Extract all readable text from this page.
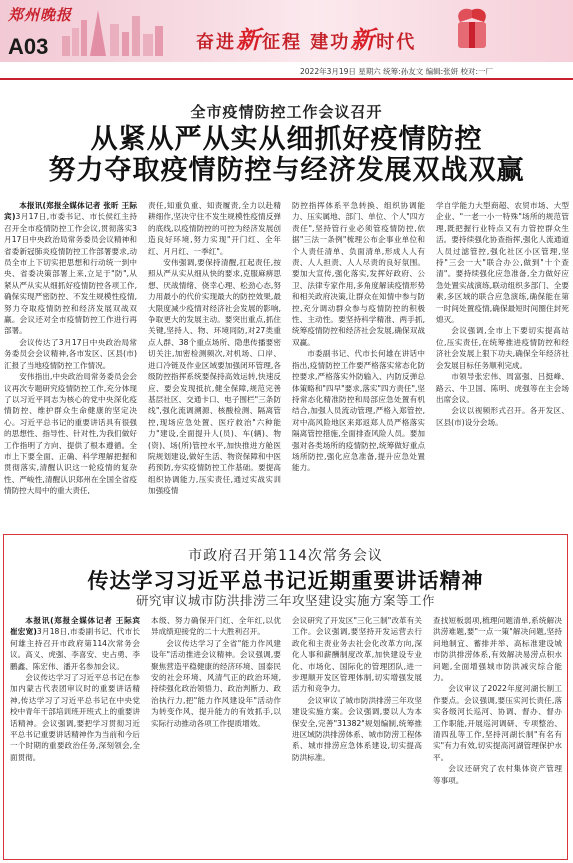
郑州晚报
A03	奋进新征程 建功新时代
2022年3月19日 星期六 统筹:孙友文 编辑:张妍 校对:一厂
全市疫情防控工作会议召开
从紧从严从实从细抓好疫情防控
努力夺取疫情防控与经济发展双战双赢

本报讯(郑报全媒体记者 张昕 王际宾)3月17日,市委书记、市长侯红主持召开全市疫情防控工作会议,贯彻落实3月17日中央政治局常务委员会议精神和省委新冠肺炎疫情防控工作部署要求,动员全市上下切实把思想和行动统一到中央、省委决策部署上来,立足于"防",从紧从严从实从细抓好疫情防控各项工作,确保实现严密防控、不发生规模性疫情,努力夺取疫情防控和经济发展双战双赢。会议还对全市疫情防控工作进行再部署。

会议传达了3月17日中央政治局常务委员会会议精神,各市发区、区县(市)汇报了当地疫情防控工作情况。

安伟指出,中央政治局常务委员会会议再次专题研究疫情防控工作,充分体现了以习近平同志为核心的党中央深化疫情防控、维护群众生命健康的坚定决心。习近平总书记的重要讲话具有很强的思想性、指导性、针对性,为我们做好工作指明了方向、提供了根本遵循。全市上下要全面、正确、科学理解把握和贯彻落实,清醒认识这一轮疫情的复杂性、严峻性,清醒认识郑州在全国全省疫情防控大局中的重大责任,

责任,知重负重、知责履责,全力以赴精耕细作,坚决守住不发生规模性疫情反弹的底线,以疫情防控的可控为经济发展创造良好环境,努力实现"开门红、全年红、月月红、一季红"。

安伟强调,要保持清醒,扛起责任,按照从严从实从细从快的要求,克服麻痹思想、厌战情绪、侥幸心理、松劲心态,努力用最小的代价实现最大的防控效果,最大限度减少疫情对经济社会发展的影响,争取更大的发展主动。要突出重点,抓住关键,坚持人、物、环境同防,对27类重点人群、38个重点场所、隐患传播要密切关注,加密检测频次,对机场、口岸、进口冷链及作业区域要加强闭环管理,各级防控指挥系统要保持高效运转,快速反应、要会发现抵抗,健全保障,规范完善基层社区、交通卡口、电子围栏"三条防线",强化流调溯源、核酸检测、隔离管控,现场应急处置、医疗救治"六种能力"建设,全面提升人(员)、车(辆)、物(资)、场(所)管控水平,加快推进方舱医院规划建设,做好生活、物资保障和中医药预防,夯实疫情防控工作基础。要提高组织协调能力,压实责任,通过实战实训加强疫情

防控指挥体系平急转换、组织协调能力、压实属地、部门、单位、个人"四方责任",坚持管行业必须管疫情防控,依据"三法一条例"梳理公布企事业单位和个人责任清单、负面清单,形成人人有责、人人担责、人人尽责的良好氛围。要加大宣传,强化落实,发挥好政府、公卫、法律专家作用,多角度解读疫情形势和相关政府决策,让群众在知情中参与防控,充分调动群众参与疫情防控的积极性、主动性。要坚持科学精准、两手抓,统筹疫情防控和经济社会发展,确保双战双赢。

市委副书记、代市长何雄在讲话中指出,疫情防控工作要严格落实常态化防控要求,严格落实外防输入、内防反弹总体策略和"四早"要求,落实"四方责任",坚持常态化精准防控和局部应急处置有机结合,加强人员流动管理,严格入郑管控,对中高风险地区来郑返郑人员严格落实隔离管控措施,全面排查风险人员。要加强对各类场所的疫情防控,统筹做好重点场所防控,强化应急准备,提升应急处置能力。

学自学能力大型商超、农贸市场、大型企业、"一老一小一特殊"场所的规范管理,既把握行业特点又有力管控群众生活。要持续强化协查指挥,强化人流通道人员过滤管控,强化社区小区管理,坚持"三会一大"联合办公,做到"十个查清"。要持续强化应急准备,全力做好应急处置实战演练,联动组织多部门、全要素,多区域的联合应急演练,确保能在第一时间处置疫情,确保最短时间圈住封死熄灭。

会议强调,全市上下要切实提高站位,压实责任,在统筹推进疫情防控和经济社会发展上狠下功夫,确保全年经济社会发展目标任务顺利完成。

市领导张宏伟、周富强、吕挺峰、路云、牛卫国、陈明、虎强等在主会场出席会议。

会议以视频形式召开。各开发区、区县(市)设分会场。

市政府召开第114次常务会议
传达学习习近平总书记近期重要讲话精神
研究审议城市防洪排涝三年攻坚建设实施方案等工作

本报讯(郑报全媒体记者 王际宾 崔宏宽)3月18日,市委副书记、代市长何雄主持召开市政府第114次常务会议。高义、虎强、李喜安、史占勇、李鹏鑫、陈宏伟、潘开名参加会议。

会议传达学习了习近平总书记在参加内蒙古代表团审议时的重要讲话精神,传达学习了习近平总书记在中央党校中青年干部培训班开班式上的重要讲话精神。会议强调,要把学习贯彻习近平总书记重要讲话精神作为当前和今后一个时期的重要政治任务,深刻领会,全面贯彻。

本级、努力确保开门红、全年红,以优异成绩迎接党的二十大胜利召开。

会议传达学习了全省"能力作风建设年"活动推进会议精神。会议强调,要聚焦营造平稳健康的经济环境、国泰民安的社会环境、风清气正的政治环境,持续强化政治领悟力、政治判断力、政治执行力,把"能力作风建设年"活动作为转变作风、提升能力的有效抓手,以实际行动推动各项工作提质增效。

会议研究了开发区"三化三制"改革有关工作。会议强调,要坚持开发运营去行政化和主责业务去社会化改革方向,深化人事和薪酬制度改革,加快建设专业化、市场化、国际化的管理团队,进一步理顺开发区管理体制,切实增强发展活力和竞争力。

会议审议了城市防洪排涝三年攻坚建设实施方案。会议强调,要以人为本保安全,完善"31382"规划编制,统筹推进区域防洪排涝体系、城市防涝工程体系、城市排涝应急体系建设,切实提高防洪标准。

查找短板弱项,梳理问题清单,系统解决洪涝难题,要"一点一策"解决问题,坚持问地制宜、蓄排并举、高标准建设城市防洪排涝体系,有效解决易涝点积水问题,全面增强城市防洪减灾综合能力。

会议审议了2022年度河湖长制工作要点。会议强调,要压实河长责任,落实各级河长巡河、协调、督办、督办工作职能,开展巡河调研、专项整治、清四乱等工作,坚持河湖长制"有名有实"有力有效,切实提高河湖管理保护水平。

会议还研究了农村集体资产管理等事项。
